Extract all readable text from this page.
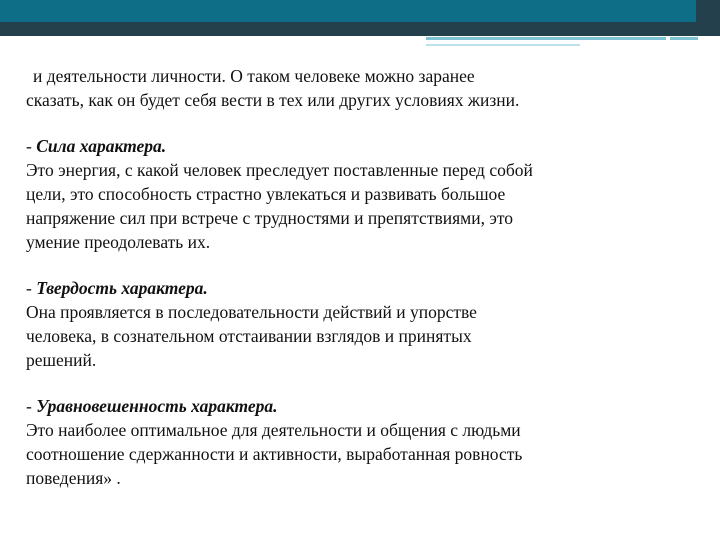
и деятельности личности. О таком человеке можно заранее
сказать, как он будет себя вести в тех или других условиях жизни.

- Сила характера.
Это энергия, с какой человек преследует поставленные перед собой
цели, это способность страстно увлекаться и развивать большое
напряжение сил при встрече с трудностями и препятствиями, это
умение преодолевать их.

- Твердость характера.
Она проявляется в последовательности действий и упорстве
человека, в сознательном отстаивании взглядов и принятых
решений.

- Уравновешенность характера.
Это наиболее оптимальное для деятельности и общения с людьми
соотношение сдержанности и активности, выработанная ровность
поведения» .
